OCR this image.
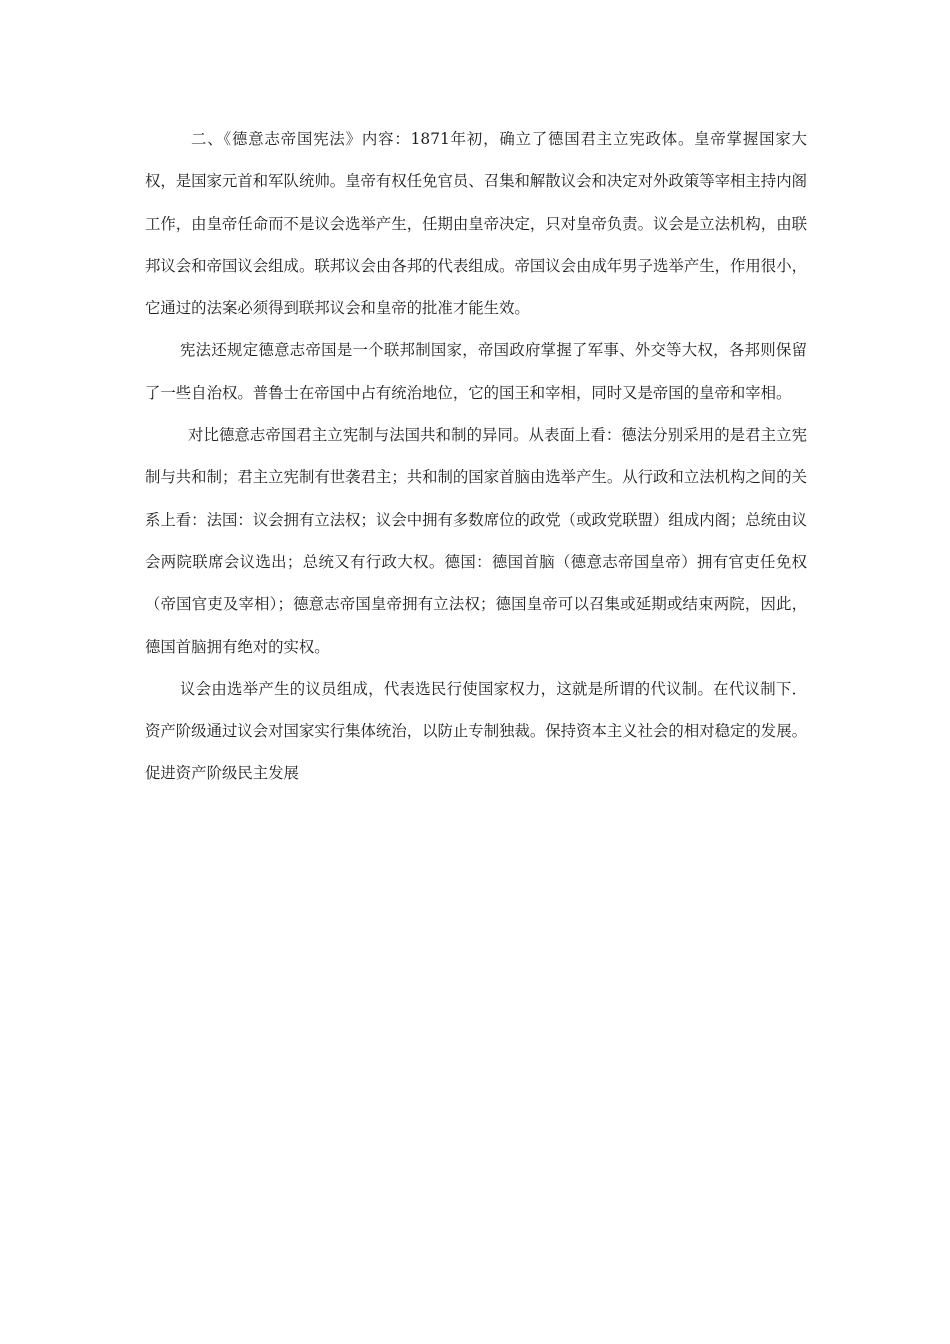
二、《德意志帝国宪法》内容：1871年初，确立了德国君主立宪政体。皇帝掌握国家大权，是国家元首和军队统帅。皇帝有权任免官员、召集和解散议会和决定对外政策等宰相主持内阁工作，由皇帝任命而不是议会选举产生，任期由皇帝决定，只对皇帝负责。议会是立法机构，由联邦议会和帝国议会组成。联邦议会由各邦的代表组成。帝国议会由成年男子选举产生，作用很小，它通过的法案必须得到联邦议会和皇帝的批准才能生效。

宪法还规定德意志帝国是一个联邦制国家，帝国政府掌握了军事、外交等大权，各邦则保留了一些自治权。普鲁士在帝国中占有统治地位，它的国王和宰相，同时又是帝国的皇帝和宰相。

对比德意志帝国君主立宪制与法国共和制的异同。从表面上看：德法分别采用的是君主立宪制与共和制；君主立宪制有世袭君主；共和制的国家首脑由选举产生。从行政和立法机构之间的关系上看：法国：议会拥有立法权；议会中拥有多数席位的政党（或政党联盟）组成内阁；总统由议会两院联席会议选出；总统又有行政大权。德国：德国首脑（德意志帝国皇帝）拥有官吏任免权（帝国官吏及宰相）；德意志帝国皇帝拥有立法权；德国皇帝可以召集或延期或结束两院，因此，德国首脑拥有绝对的实权。

议会由选举产生的议员组成，代表选民行使国家权力，这就是所谓的代议制。在代议制下．资产阶级通过议会对国家实行集体统治，以防止专制独裁。保持资本主义社会的相对稳定的发展。促进资产阶级民主发展
